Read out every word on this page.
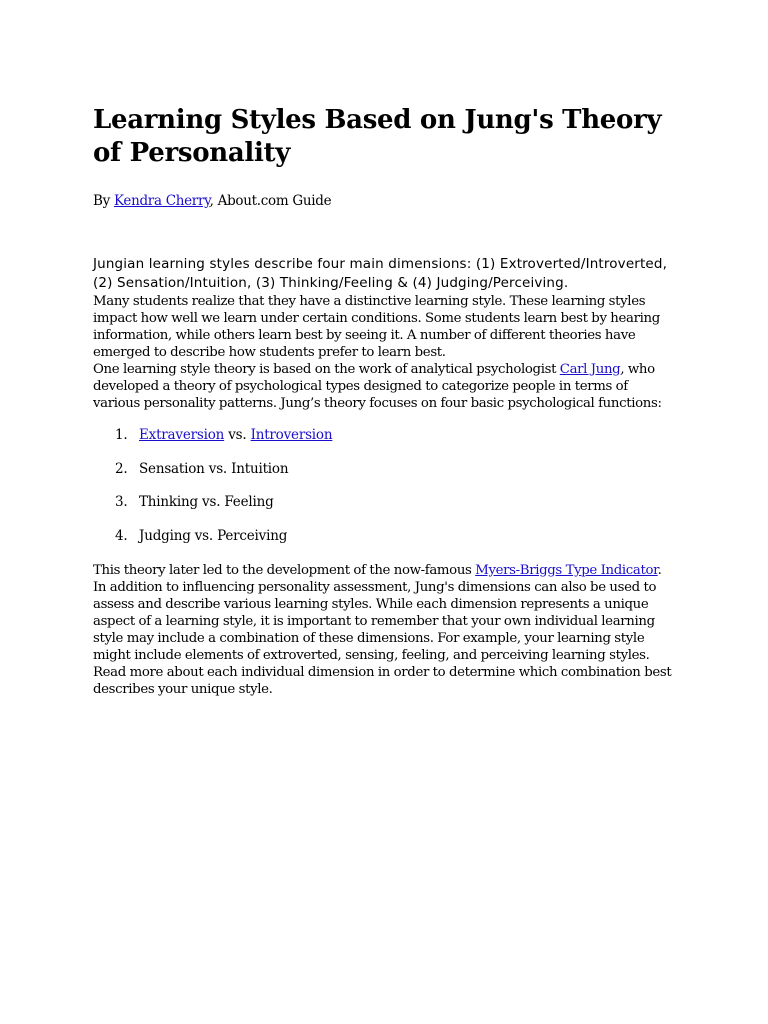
Learning Styles Based on Jung's Theory of Personality
By Kendra Cherry, About.com Guide
Jungian learning styles describe four main dimensions: (1) Extroverted/Introverted, (2) Sensation/Intuition, (3) Thinking/Feeling & (4) Judging/Perceiving.

Many students realize that they have a distinctive learning style. These learning styles impact how well we learn under certain conditions. Some students learn best by hearing information, while others learn best by seeing it. A number of different theories have emerged to describe how students prefer to learn best.

One learning style theory is based on the work of analytical psychologist Carl Jung, who developed a theory of psychological types designed to categorize people in terms of various personality patterns. Jung’s theory focuses on four basic psychological functions:

1. Extraversion vs. Introversion
2. Sensation vs. Intuition
3. Thinking vs. Feeling
4. Judging vs. Perceiving

This theory later led to the development of the now-famous Myers-Briggs Type Indicator. In addition to influencing personality assessment, Jung's dimensions can also be used to assess and describe various learning styles. While each dimension represents a unique aspect of a learning style, it is important to remember that your own individual learning style may include a combination of these dimensions. For example, your learning style might include elements of extroverted, sensing, feeling, and perceiving learning styles. Read more about each individual dimension in order to determine which combination best describes your unique style.
